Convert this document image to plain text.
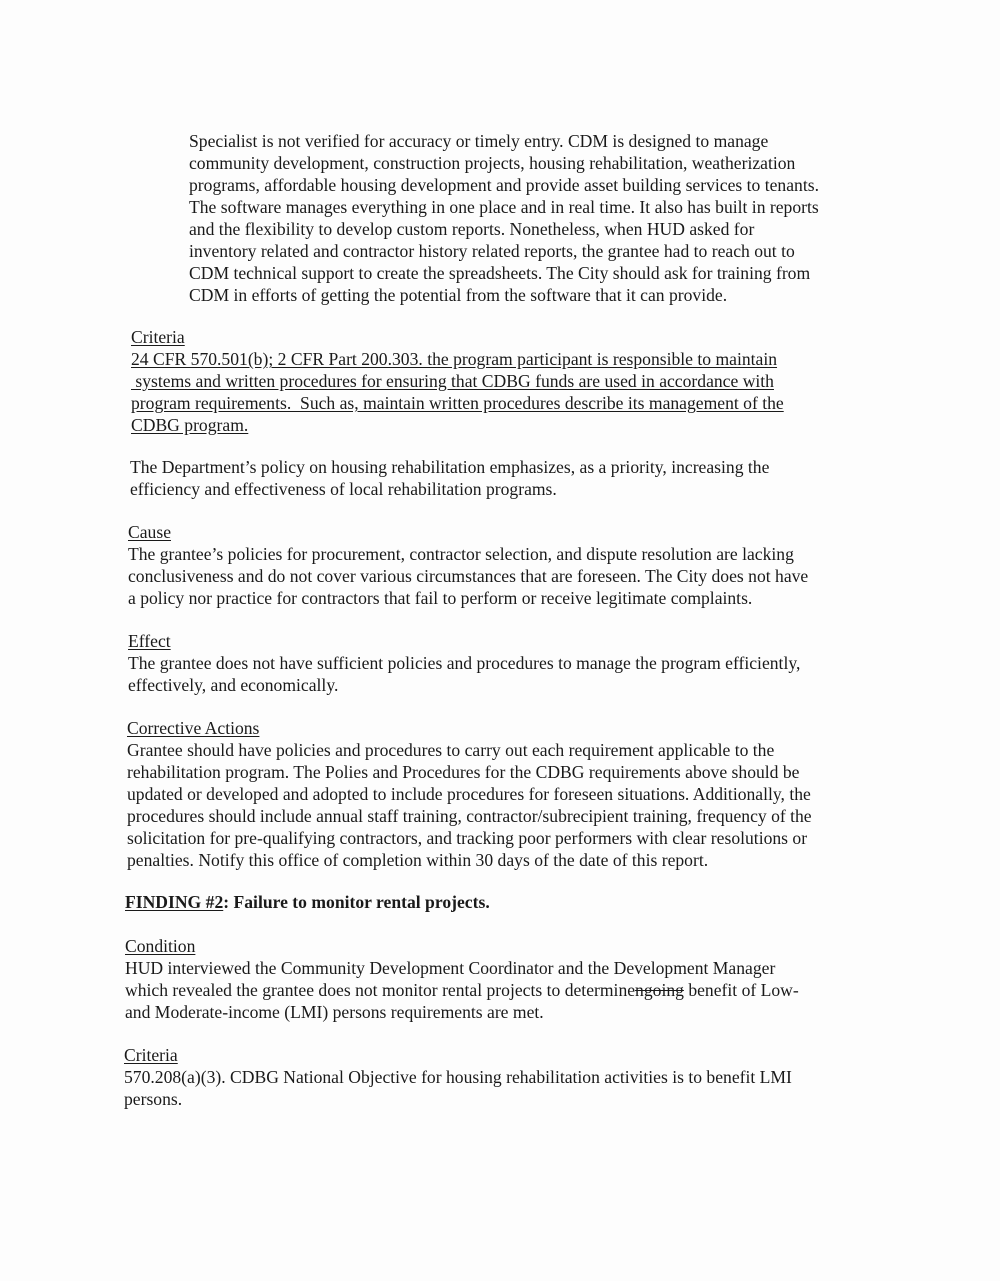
Specialist is not verified for accuracy or timely entry. CDM is designed to manage
community development, construction projects, housing rehabilitation, weatherization
programs, affordable housing development and provide asset building services to tenants.
The software manages everything in one place and in real time. It also has built in reports
and the flexibility to develop custom reports. Nonetheless, when HUD asked for
inventory related and contractor history related reports, the grantee had to reach out to
CDM technical support to create the spreadsheets. The City should ask for training from
CDM in efforts of getting the potential from the software that it can provide.
Criteria
24 CFR 570.501(b); 2 CFR Part 200.303. the program participant is responsible to maintain
systems and written procedures for ensuring that CDBG funds are used in accordance with
program requirements.  Such as, maintain written procedures describe its management of the
CDBG program.
The Department’s policy on housing rehabilitation emphasizes, as a priority, increasing the
efficiency and effectiveness of local rehabilitation programs.
Cause
The grantee’s policies for procurement, contractor selection, and dispute resolution are lacking
conclusiveness and do not cover various circumstances that are foreseen. The City does not have
a policy nor practice for contractors that fail to perform or receive legitimate complaints.
Effect
The grantee does not have sufficient policies and procedures to manage the program efficiently,
effectively, and economically.
Corrective Actions
Grantee should have policies and procedures to carry out each requirement applicable to the
rehabilitation program. The Polies and Procedures for the CDBG requirements above should be
updated or developed and adopted to include procedures for foreseen situations. Additionally, the
procedures should include annual staff training, contractor/subrecipient training, frequency of the
solicitation for pre-qualifying contractors, and tracking poor performers with clear resolutions or
penalties. Notify this office of completion within 30 days of the date of this report.
FINDING #2: Failure to monitor rental projects.
Condition
HUD interviewed the Community Development Coordinator and the Development Manager
which revealed the grantee does not monitor rental projects to determinengoing benefit of Low-
and Moderate-income (LMI) persons requirements are met.
Criteria
570.208(a)(3). CDBG National Objective for housing rehabilitation activities is to benefit LMI
persons.
